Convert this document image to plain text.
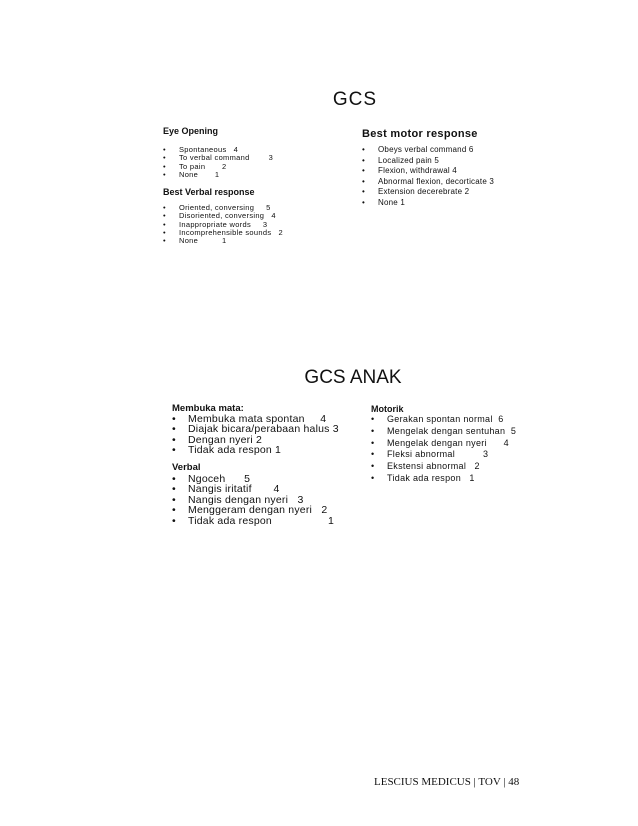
GCS
Eye Opening
• Spontaneous   4
• To verbal command        3
• To pain       2
• None       1
Best Verbal response
• Oriented, conversing     5
• Disoriented, conversing   4
• Inappropriate words     3
• Incomprehensible sounds   2
• None          1
Best motor response
• Obeys verbal command 6
• Localized pain 5
• Flexion, withdrawal 4
• Abnormal flexion, decorticate 3
• Extension decerebrate 2
• None 1
GCS ANAK
Membuka mata:
• Membuka mata spontan     4
• Diajak bicara/perabaan halus 3
• Dengan nyeri 2
• Tidak ada respon 1
Verbal
• Ngoceh      5
• Nangis iritatif       4
• Nangis dengan nyeri   3
• Menggeram dengan nyeri   2
• Tidak ada respon                  1
Motorik
• Gerakan spontan normal  6
• Mengelak dengan sentuhan  5
• Mengelak dengan nyeri      4
• Fleksi abnormal          3
• Ekstensi abnormal   2
• Tidak ada respon   1
LESCIUS MEDICUS | TOV | 48
